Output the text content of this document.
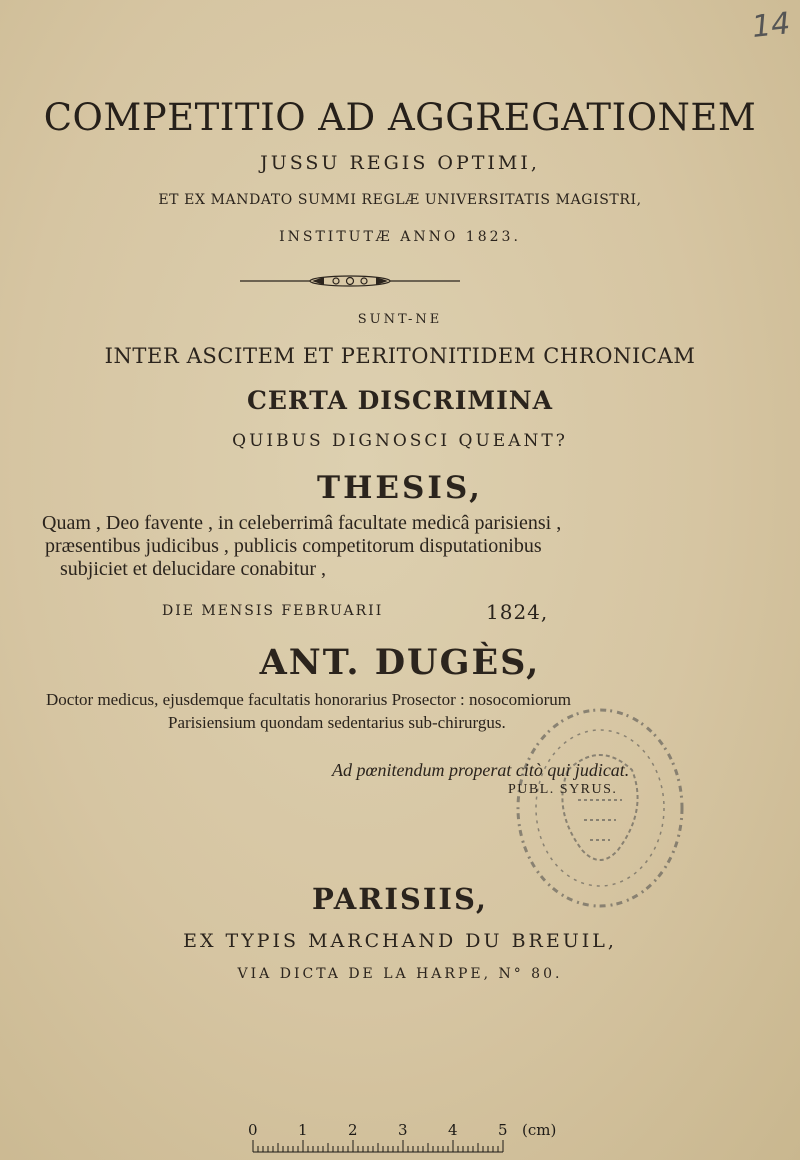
14
COMPETITIO AD AGGREGATIONEM
JUSSU REGIS OPTIMI,
ET EX MANDATO SUMMI REGLÆ UNIVERSITATIS MAGISTRI,
INSTITUTÆ ANNO 1823.
SUNT-NE
INTER ASCITEM ET PERITONITIDEM CHRONICAM
CERTA DISCRIMINA
QUIBUS DIGNOSCI QUEANT?
THESIS,
Quam , Deo favente , in celeberrimâ facultate medicâ parisiensi ,
præsentibus judicibus , publicis competitorum disputationibus
subjiciet et delucidare conabitur ,
DIE MENSIS FEBRUARII	1824,
ANT. DUGÈS,
Doctor medicus, ejusdemque facultatis honorarius Prosector : nosocomiorum
Parisiensium quondam sedentarius sub-chirurgus.
Ad pœnitendum properat citò qui judicat.
PUBL. SYRUS.
PARISIIS,
EX TYPIS MARCHAND DU BREUIL,
VIA DICTA DE LA HARPE, N° 80.
0	1	2	3	4	5 (cm)
